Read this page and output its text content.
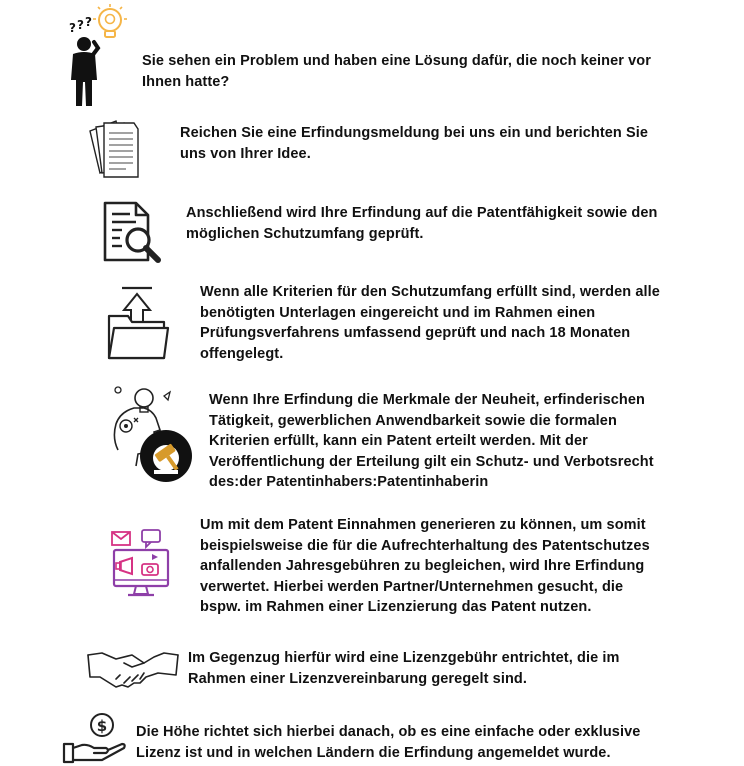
? ? ?

Sie sehen ein Problem und haben eine Lösung dafür, die noch keiner vor

Ihnen hatte?

Reichen Sie eine Erfindungsmeldung bei uns ein und berichten Sie

uns von Ihrer Idee.

Anschließend wird Ihre Erfindung auf die Patentfähigkeit sowie den

möglichen Schutzumfang geprüft.

Wenn alle Kriterien für den Schutzumfang erfüllt sind, werden alle

benötigten Unterlagen eingereicht und im Rahmen einen

Prüfungsverfahrens umfassend geprüft und nach 18 Monaten

offengelegt.

Wenn Ihre Erfindung die Merkmale der Neuheit, erfinderischen

Tätigkeit, gewerblichen Anwendbarkeit sowie die formalen

Kriterien erfüllt, kann ein Patent erteilt werden. Mit der

Veröffentlichung der Erteilung gilt ein Schutz- und Verbotsrecht

des:der Patentinhabers:Patentinhaberin

Um mit dem Patent Einnahmen generieren zu können, um somit

beispielsweise die für die Aufrechterhaltung des Patentschutzes

anfallenden Jahresgebühren zu begleichen, wird Ihre Erfindung

verwertet. Hierbei werden Partner/Unternehmen gesucht, die

bspw. im Rahmen einer Lizenzierung das Patent nutzen.

Im Gegenzug hierfür wird eine Lizenzgebühr entrichtet, die im

Rahmen einer Lizenzvereinbarung geregelt sind.

$ Die Höhe richtet sich hierbei danach, ob es eine einfache oder exklusive

Lizenz ist und in welchen Ländern die Erfindung angemeldet wurde.
